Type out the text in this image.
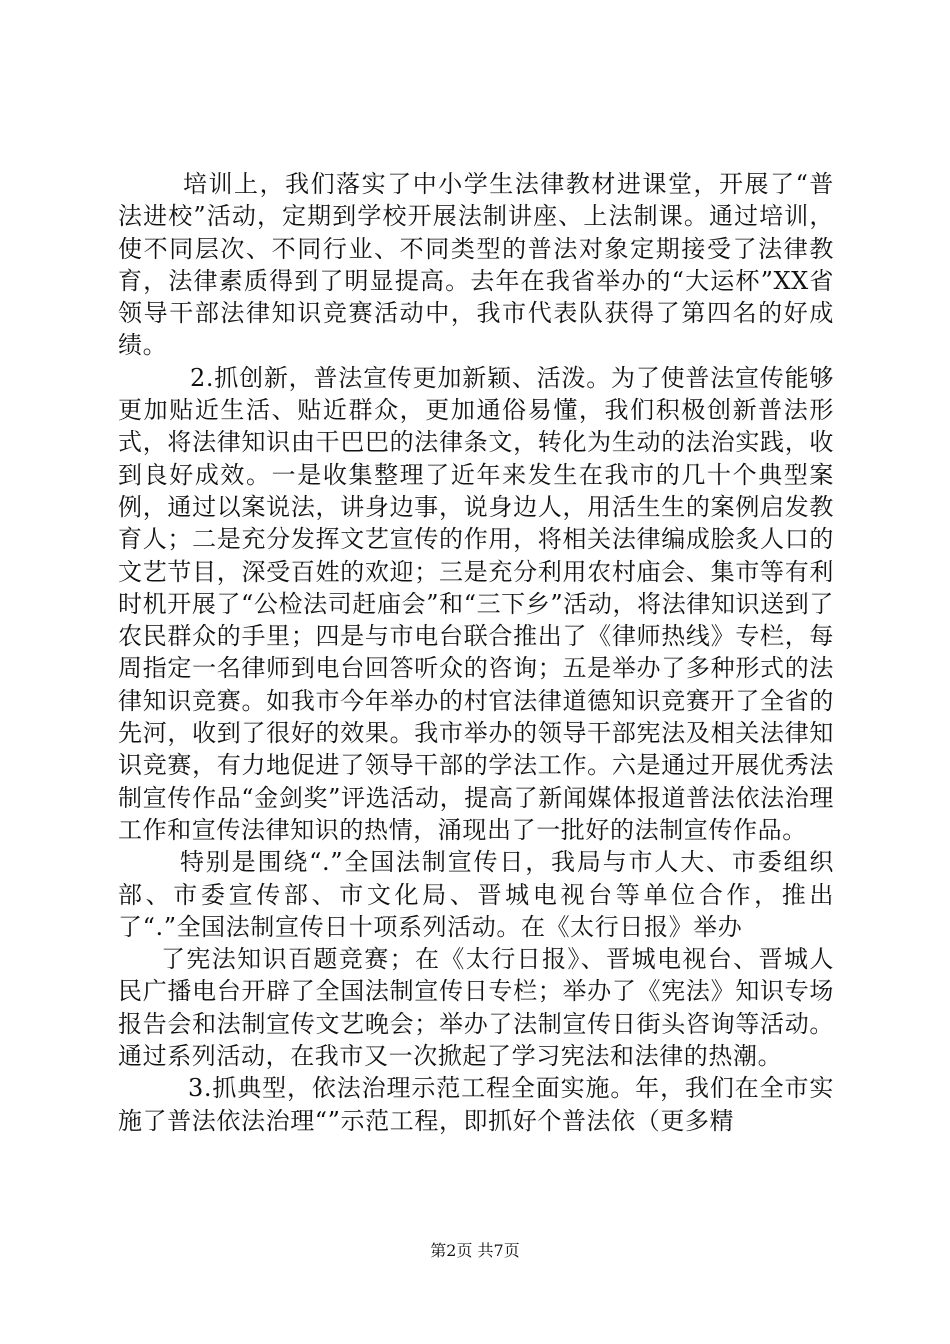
培训上，我们落实了中小学生法律教材进课堂，开展了“普法进校”活动，定期到学校开展法制讲座、上法制课。通过培训，使不同层次、不同行业、不同类型的普法对象定期接受了法律教育，法律素质得到了明显提高。去年在我省举办的“大运杯”XX省领导干部法律知识竞赛活动中，我市代表队获得了第四名的好成绩。

2.抓创新，普法宣传更加新颖、活泼。为了使普法宣传能够更加贴近生活、贴近群众，更加通俗易懂，我们积极创新普法形式，将法律知识由干巴巴的法律条文，转化为生动的法治实践，收到良好成效。一是收集整理了近年来发生在我市的几十个典型案例，通过以案说法，讲身边事，说身边人，用活生生的案例启发教育人；二是充分发挥文艺宣传的作用，将相关法律编成脍炙人口的文艺节目，深受百姓的欢迎；三是充分利用农村庙会、集市等有利时机开展了“公检法司赶庙会”和“三下乡”活动，将法律知识送到了农民群众的手里；四是与市电台联合推出了《律师热线》专栏，每周指定一名律师到电台回答听众的咨询；五是举办了多种形式的法律知识竞赛。如我市今年举办的村官法律道德知识竞赛开了全省的先河，收到了很好的效果。我市举办的领导干部宪法及相关法律知识竞赛，有力地促进了领导干部的学法工作。六是通过开展优秀法制宣传作品“金剑奖”评选活动，提高了新闻媒体报道普法依法治理工作和宣传法律知识的热情，涌现出了一批好的法制宣传作品。

特别是围绕“.”全国法制宣传日，我局与市人大、市委组织部、市委宣传部、市文化局、晋城电视台等单位合作，推出了“.”全国法制宣传日十项系列活动。在《太行日报》举办

了宪法知识百题竞赛；在《太行日报》、晋城电视台、晋城人民广播电台开辟了全国法制宣传日专栏；举办了《宪法》知识专场报告会和法制宣传文艺晚会；举办了法制宣传日街头咨询等活动。通过系列活动，在我市又一次掀起了学习宪法和法律的热潮。

3.抓典型，依法治理示范工程全面实施。年，我们在全市实施了普法依法治理“”示范工程，即抓好个普法依（更多精

第2页 共7页
